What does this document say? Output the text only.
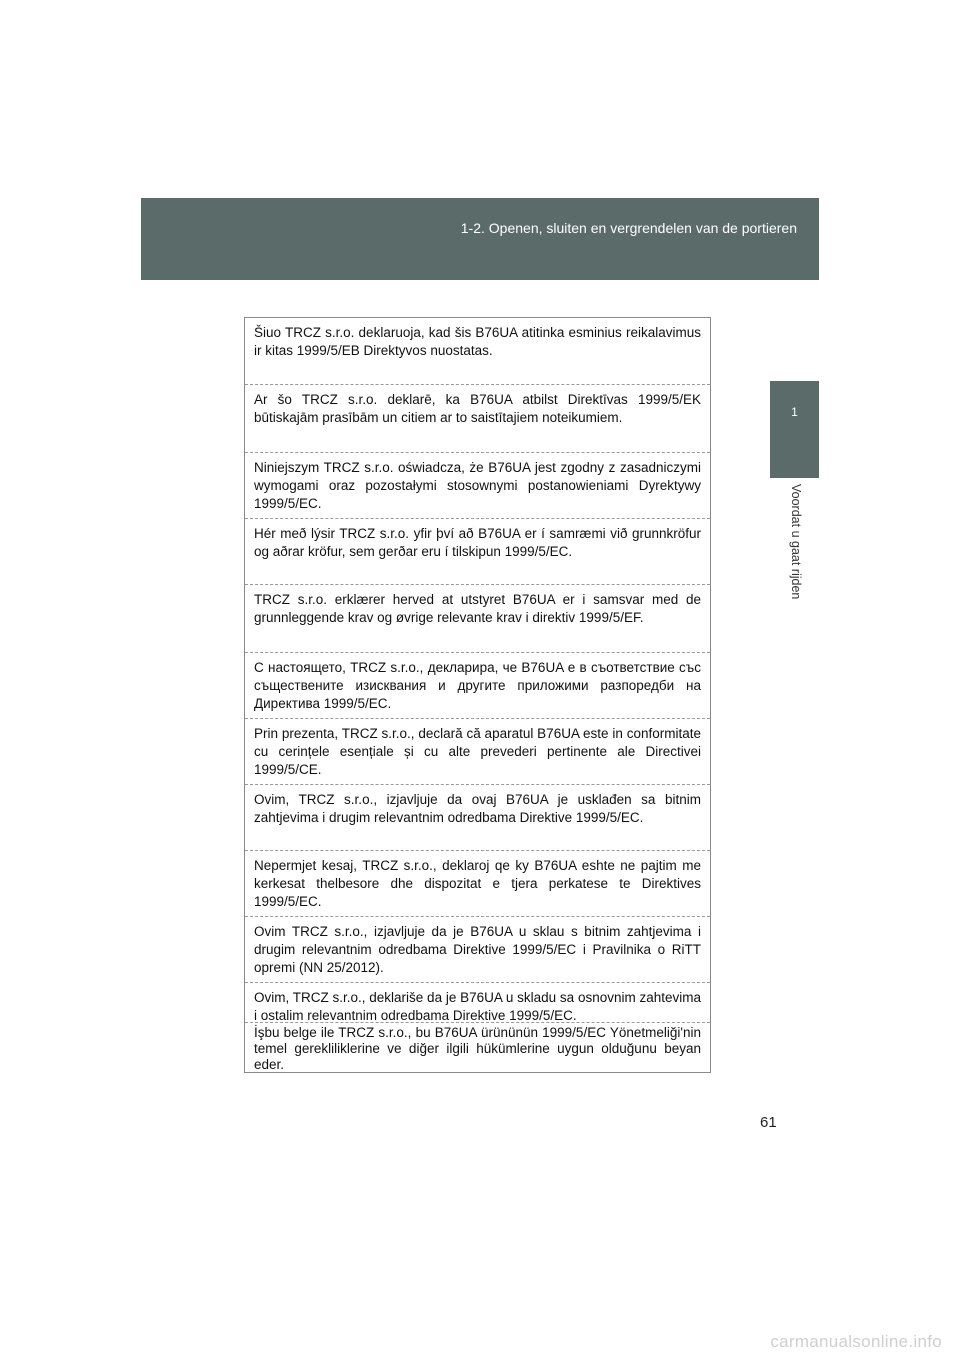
1-2. Openen, sluiten en vergrendelen van de portieren
1
Voordat u gaat rijden
Šiuo TRCZ s.r.o. deklaruoja, kad šis B76UA atitinka esminius reikalavimus ir kitas 1999/5/EB Direktyvos nuostatas.
Ar šo TRCZ s.r.o. deklarē, ka B76UA atbilst Direktīvas 1999/5/EK būtiskajām prasībām un citiem ar to saistītajiem noteikumiem.
Niniejszym TRCZ s.r.o. oświadcza, że B76UA jest zgodny z zasadniczymi wymogami oraz pozostałymi stosownymi postanowieniami Dyrektywy 1999/5/EC.
Hér með lýsir TRCZ s.r.o. yfir því að B76UA er í samræmi við grunnkröfur og aðrar kröfur, sem gerðar eru í tilskipun 1999/5/EC.
TRCZ s.r.o. erklærer herved at utstyret B76UA er i samsvar med de grunnleggende krav og øvrige relevante krav i direktiv 1999/5/EF.
С настоящето, TRCZ s.r.o., декларира, че B76UA е в съответствие със съществените изисквания и другите приложими разпоредби на Директива 1999/5/ЕС.
Prin prezenta, TRCZ s.r.o., declară că aparatul B76UA este in conformitate cu cerințele esențiale și cu alte prevederi pertinente ale Directivei 1999/5/CE.
Ovim, TRCZ s.r.o., izjavljuje da ovaj B76UA je usklađen sa bitnim zahtjevima i drugim relevantnim odredbama Direktive 1999/5/EC.
Nepermjet kesaj, TRCZ s.r.o., deklaroj qe ky B76UA eshte ne pajtim me kerkesat thelbesore dhe dispozitat e tjera perkatese te Direktives 1999/5/EC.
Ovim TRCZ s.r.o., izjavljuje da je B76UA u sklau s bitnim zahtjevima i drugim relevantnim odredbama Direktive 1999/5/EC i Pravilnika o RiTT opremi (NN 25/2012).
Ovim, TRCZ s.r.o., deklariše da je B76UA u skladu sa osnovnim zahtevima i ostalim relevantnim odredbama Direktive 1999/5/EC.
İşbu belge ile TRCZ s.r.o., bu B76UA ürününün 1999/5/EC Yönetmeliği'nin temel gerekliliklerine ve diğer ilgili hükümlerine uygun olduğunu beyan eder.
61
carmanualsonline.info
